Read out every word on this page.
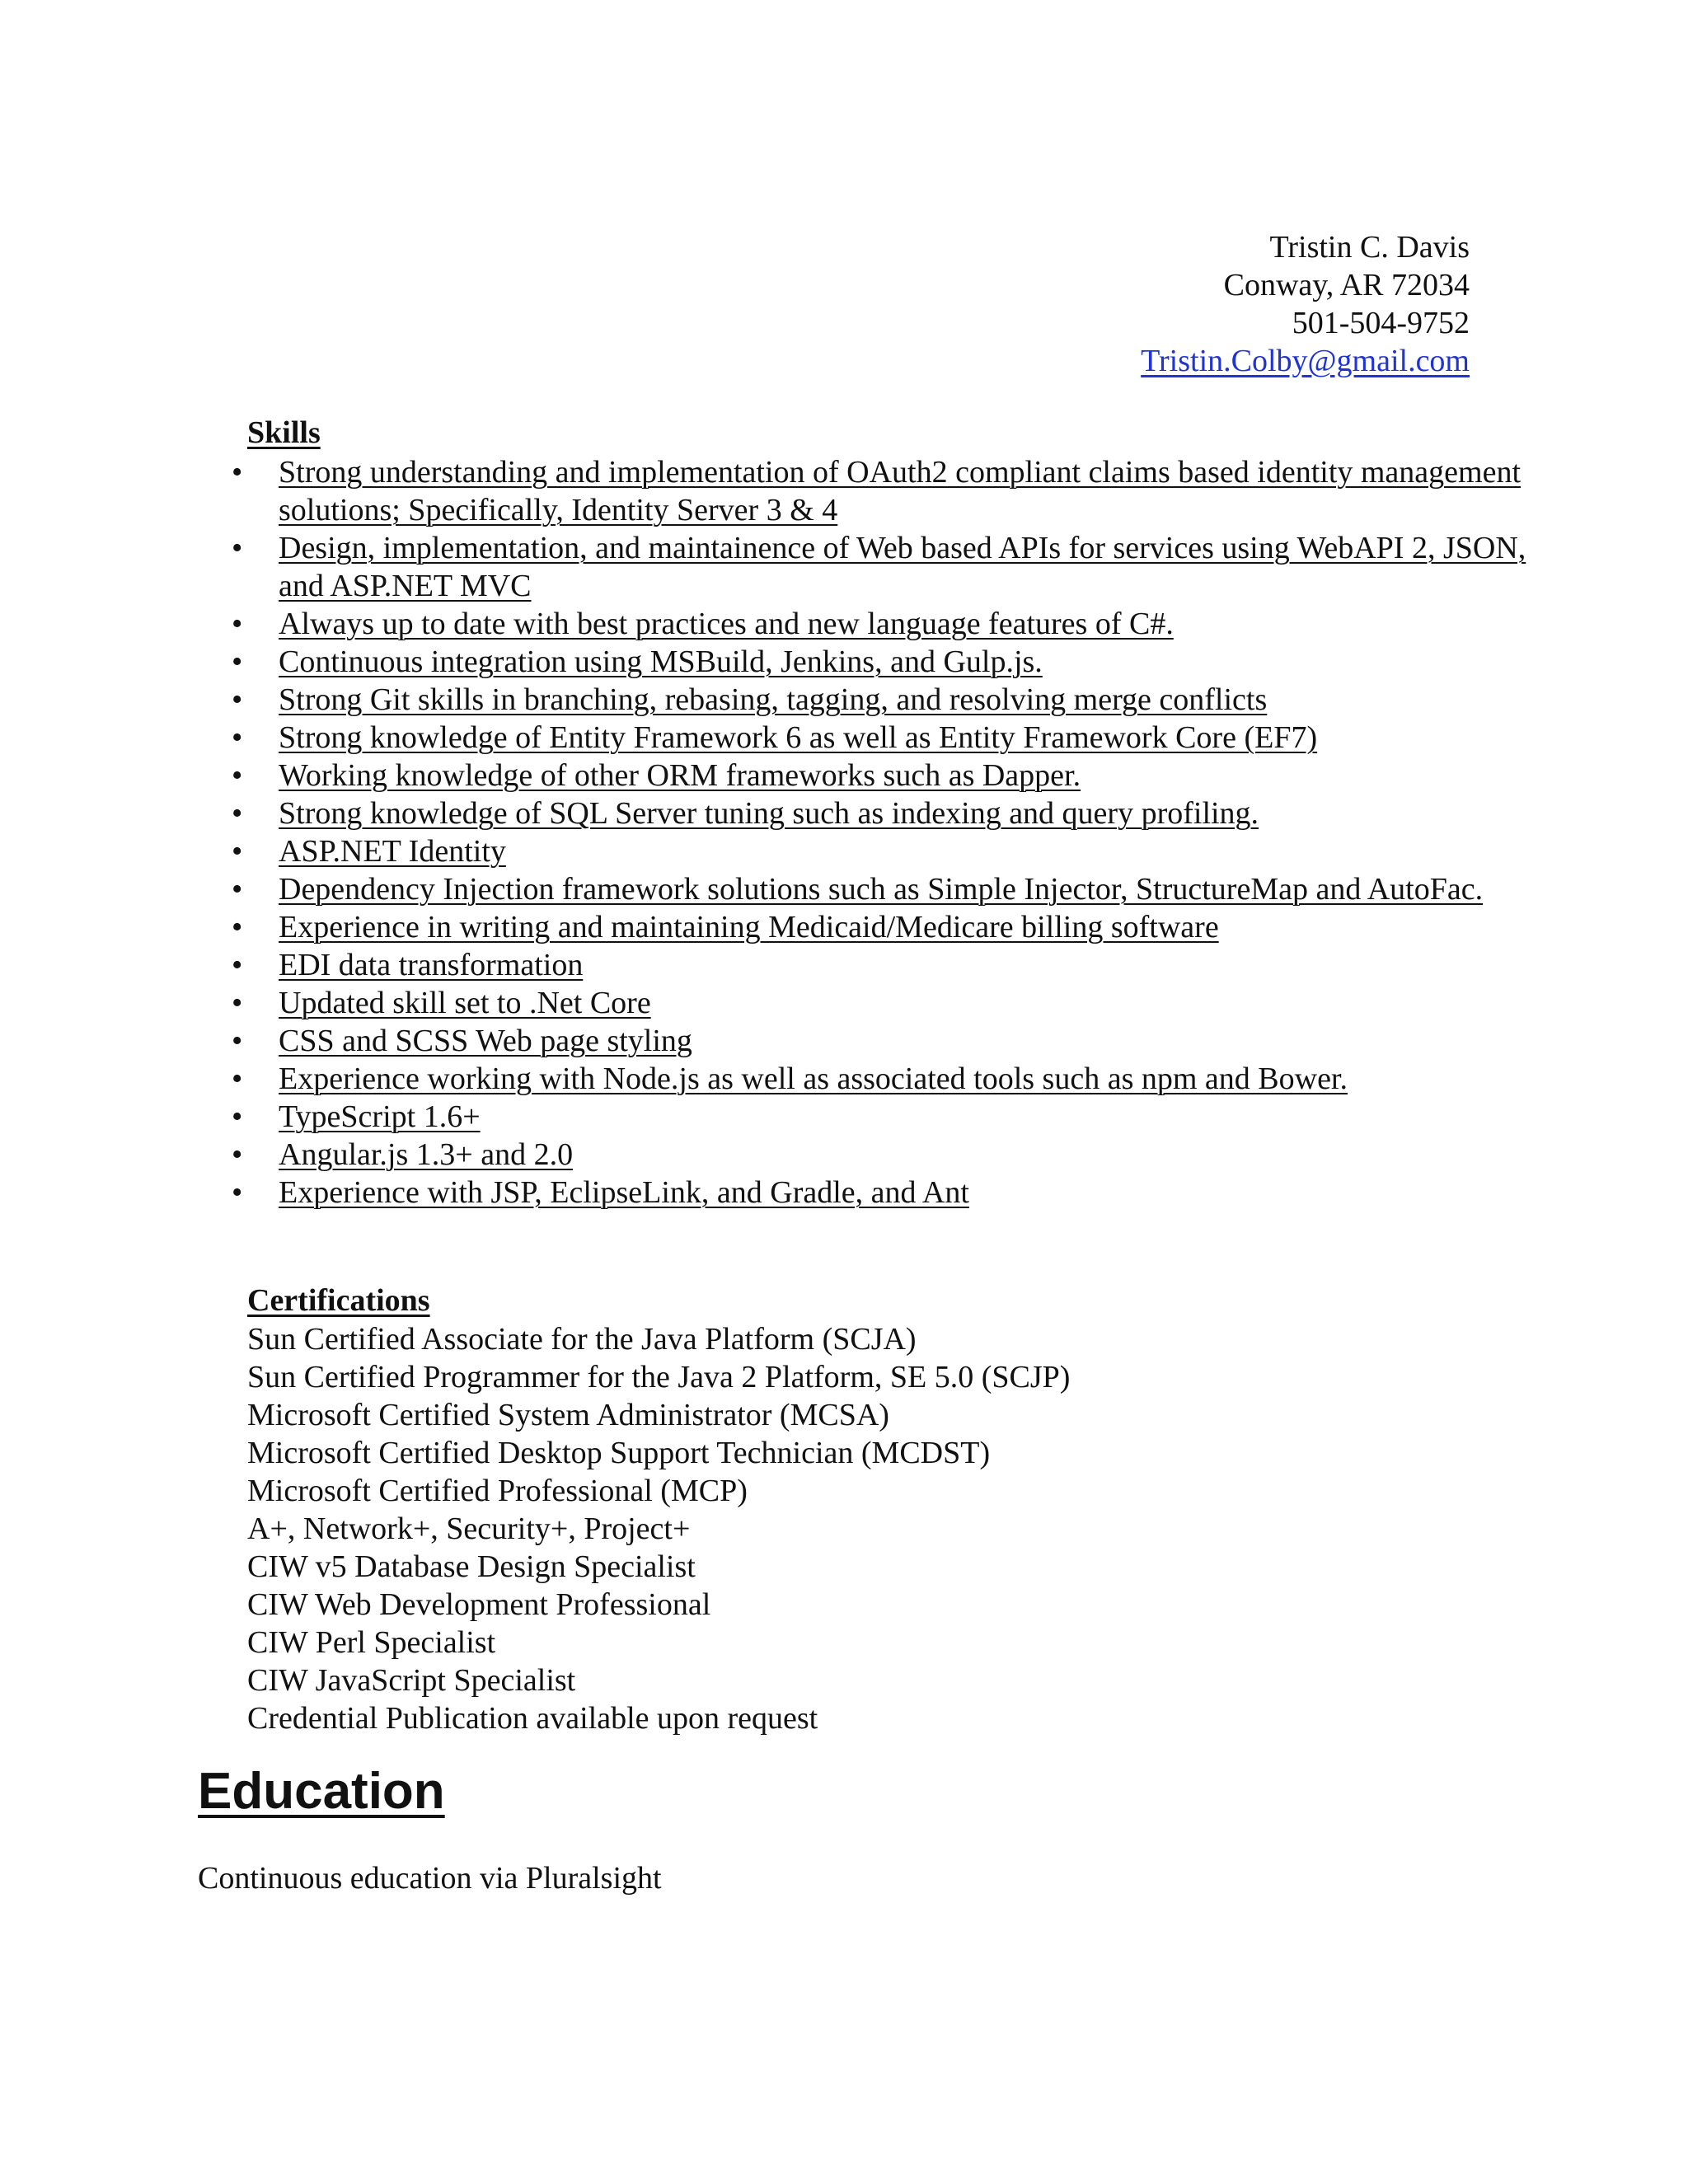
Tristin C. Davis
Conway, AR 72034
501-504-9752
Tristin.Colby@gmail.com
Skills
• Strong understanding and implementation of OAuth2 compliant claims based identity management solutions; Specifically, Identity Server 3 & 4
• Design, implementation, and maintainence of Web based APIs for services using WebAPI 2, JSON, and ASP.NET MVC
• Always up to date with best practices and new language features of C#.
• Continuous integration using MSBuild, Jenkins, and Gulp.js.
• Strong Git skills in branching, rebasing, tagging, and resolving merge conflicts
• Strong knowledge of Entity Framework 6 as well as Entity Framework Core (EF7)
• Working knowledge of other ORM frameworks such as Dapper.
• Strong knowledge of SQL Server tuning such as indexing and query profiling.
• ASP.NET Identity
• Dependency Injection framework solutions such as Simple Injector, StructureMap and AutoFac.
• Experience in writing and maintaining Medicaid/Medicare billing software
• EDI data transformation
• Updated skill set to .Net Core
• CSS and SCSS Web page styling
• Experience working with Node.js as well as associated tools such as npm and Bower.
• TypeScript 1.6+
• Angular.js 1.3+ and 2.0
• Experience with JSP, EclipseLink, and Gradle, and Ant
Certifications
Sun Certified Associate for the Java Platform (SCJA)
Sun Certified Programmer for the Java 2 Platform, SE 5.0 (SCJP)
Microsoft Certified System Administrator (MCSA)
Microsoft Certified Desktop Support Technician (MCDST)
Microsoft Certified Professional (MCP)
A+, Network+, Security+, Project+
CIW v5 Database Design Specialist
CIW Web Development Professional
CIW Perl Specialist
CIW JavaScript Specialist
Credential Publication available upon request
Education
Continuous education via Pluralsight
